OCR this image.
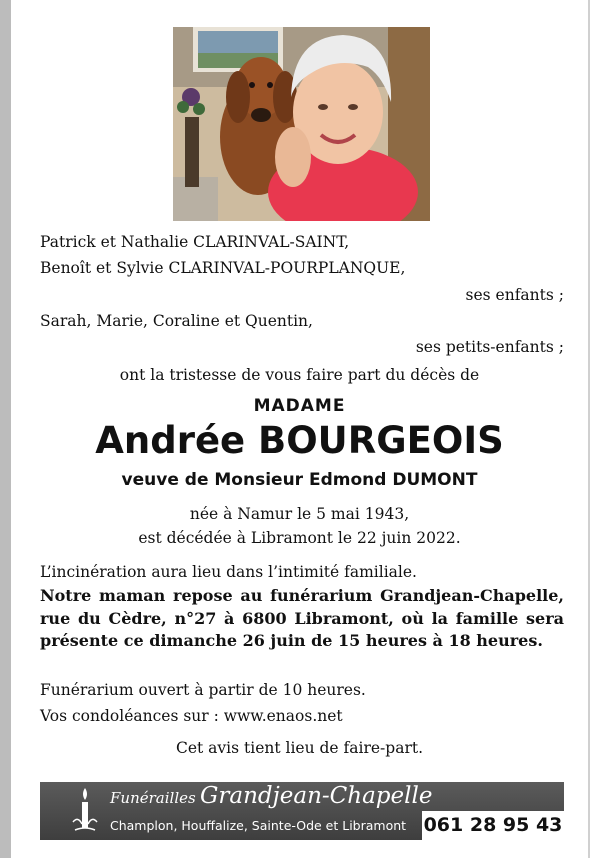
Patrick et Nathalie CLARINVAL-SAINT,
Benoît et Sylvie CLARINVAL-POURPLANQUE,
ses enfants ;
Sarah, Marie, Coraline et Quentin,
ses petits-enfants ;
ont la tristesse de vous faire part du décès de
MADAME
Andrée BOURGEOIS
veuve de Monsieur Edmond DUMONT
née à Namur le 5 mai 1943,
est décédée à Libramont le 22 juin 2022.
L’incinération aura lieu dans l’intimité familiale.
Notre maman repose au funérarium Grandjean-Chapelle, rue du Cèdre, n°27 à 6800 Libramont, où la famille sera présente ce dimanche 26 juin de 15 heures à 18 heures.
Funérarium ouvert à partir de 10 heures.
Vos condoléances sur : www.enaos.net
Cet avis tient lieu de faire-part.
Funérailles Grandjean-Chapelle
Champlon, Houffalize, Sainte-Ode et Libramont 061 28 95 43
